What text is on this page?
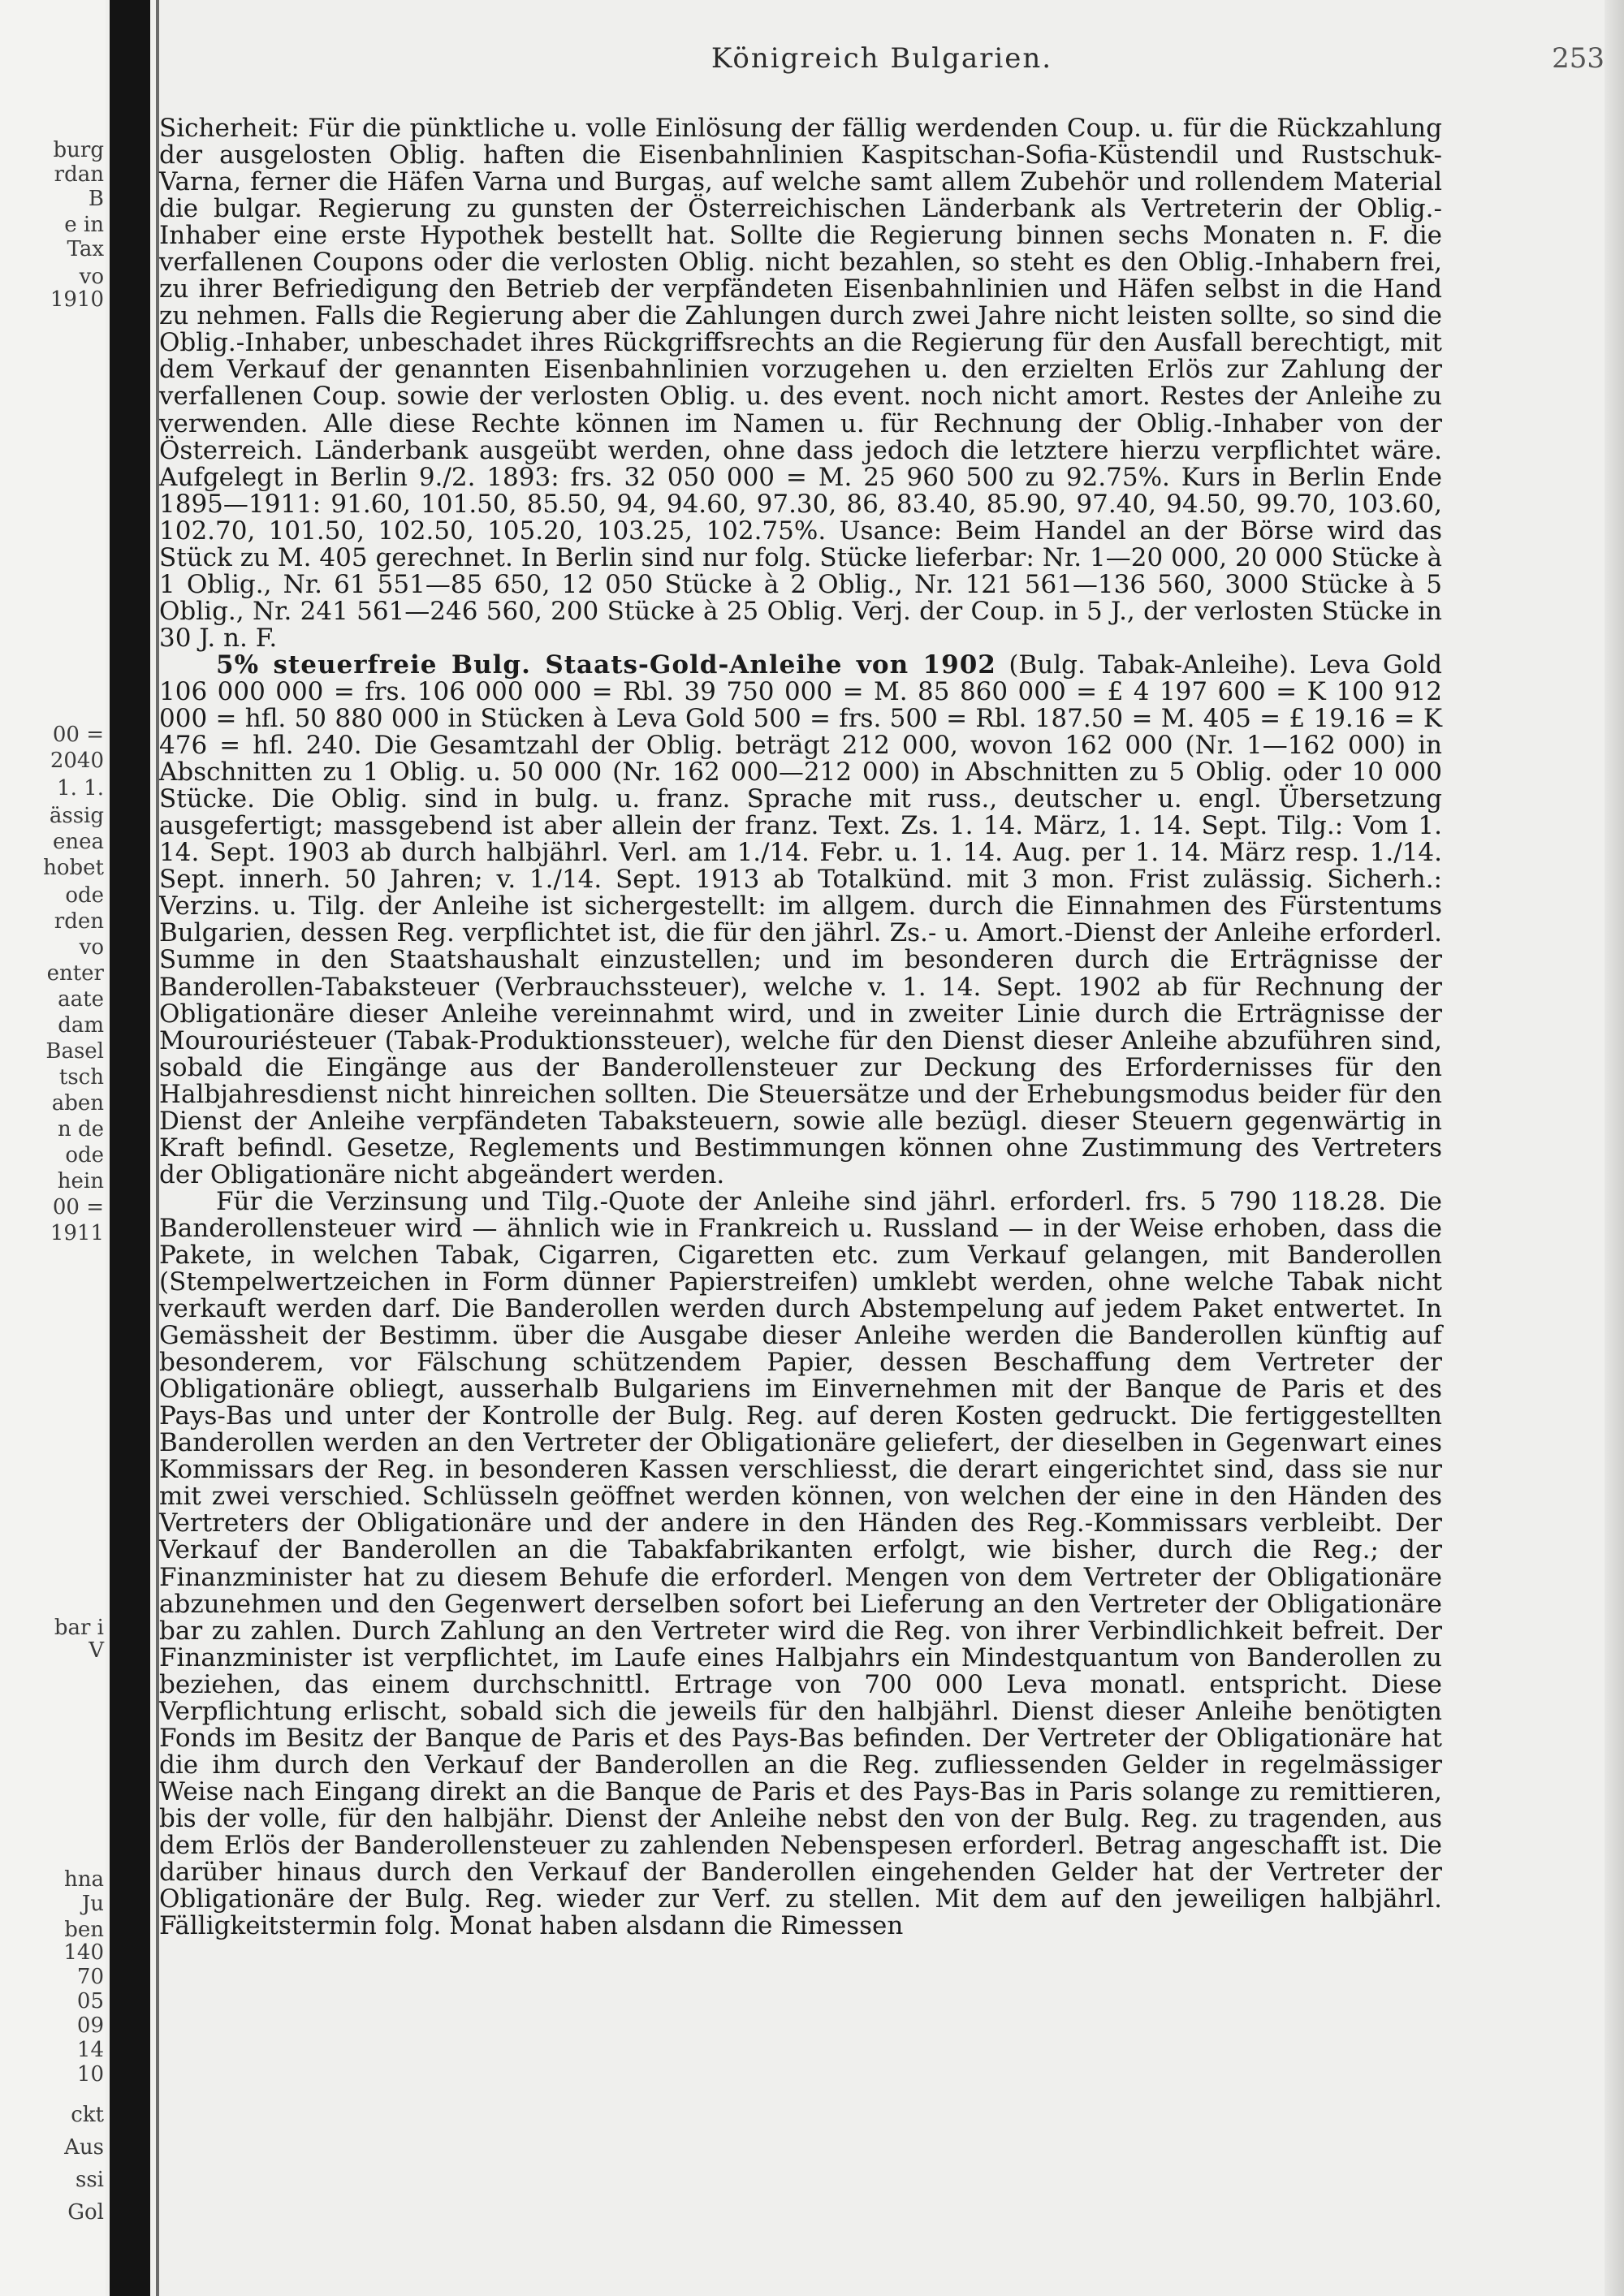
burg
rdan
B
e in
Tax
vo
1910
00 =
2040
1. 1.
ässig
enea
hobet
ode
rden
vo
enter
aate
dam
Basel
tsch
aben
n de
ode
hein
00 =
1911
bar i
V
hna
Ju
ben
140
70
05
09
14
10
ckt
Aus
ssi
Gol
Königreich Bulgarien.	253

Sicherheit: Für die pünktliche u. volle Einlösung der fällig werdenden Coup. u. für die Rückzahlung der ausgelosten Oblig. haften die Eisenbahnlinien Kaspitschan-Sofia-Küstendil und Rustschuk-Varna, ferner die Häfen Varna und Burgas, auf welche samt allem Zubehör und rollendem Material die bulgar. Regierung zu gunsten der Österreichischen Länderbank als Vertreterin der Oblig.-Inhaber eine erste Hypothek bestellt hat. Sollte die Regierung binnen sechs Monaten n. F. die verfallenen Coupons oder die verlosten Oblig. nicht bezahlen, so steht es den Oblig.-Inhabern frei, zu ihrer Befriedigung den Betrieb der verpfändeten Eisenbahnlinien und Häfen selbst in die Hand zu nehmen. Falls die Regierung aber die Zahlungen durch zwei Jahre nicht leisten sollte, so sind die Oblig.-Inhaber, unbeschadet ihres Rückgriffsrechts an die Regierung für den Ausfall berechtigt, mit dem Verkauf der genannten Eisenbahnlinien vorzugehen u. den erzielten Erlös zur Zahlung der verfallenen Coup. sowie der verlosten Oblig. u. des event. noch nicht amort. Restes der Anleihe zu verwenden. Alle diese Rechte können im Namen u. für Rechnung der Oblig.-Inhaber von der Österreich. Länderbank ausgeübt werden, ohne dass jedoch die letztere hierzu verpflichtet wäre. Aufgelegt in Berlin 9./2. 1893: frs. 32 050 000 = M. 25 960 500 zu 92.75%. Kurs in Berlin Ende 1895—1911: 91.60, 101.50, 85.50, 94, 94.60, 97.30, 86, 83.40, 85.90, 97.40, 94.50, 99.70, 103.60, 102.70, 101.50, 102.50, 105.20, 103.25, 102.75%. Usance: Beim Handel an der Börse wird das Stück zu M. 405 gerechnet. In Berlin sind nur folg. Stücke lieferbar: Nr. 1—20 000, 20 000 Stücke à 1 Oblig., Nr. 61 551—85 650, 12 050 Stücke à 2 Oblig., Nr. 121 561—136 560, 3000 Stücke à 5 Oblig., Nr. 241 561—246 560, 200 Stücke à 25 Oblig. Verj. der Coup. in 5 J., der verlosten Stücke in 30 J. n. F.

5% steuerfreie Bulg. Staats-Gold-Anleihe von 1902 (Bulg. Tabak-Anleihe). Leva Gold 106 000 000 = frs. 106 000 000 = Rbl. 39 750 000 = M. 85 860 000 = £ 4 197 600 = K 100 912 000 = hfl. 50 880 000 in Stücken à Leva Gold 500 = frs. 500 = Rbl. 187.50 = M. 405 = £ 19.16 = K 476 = hfl. 240. Die Gesamtzahl der Oblig. beträgt 212 000, wovon 162 000 (Nr. 1—162 000) in Abschnitten zu 1 Oblig. u. 50 000 (Nr. 162 000—212 000) in Abschnitten zu 5 Oblig. oder 10 000 Stücke. Die Oblig. sind in bulg. u. franz. Sprache mit russ., deutscher u. engl. Übersetzung ausgefertigt; massgebend ist aber allein der franz. Text. Zs. 1. 14. März, 1. 14. Sept. Tilg.: Vom 1. 14. Sept. 1903 ab durch halbjährl. Verl. am 1./14. Febr. u. 1. 14. Aug. per 1. 14. März resp. 1./14. Sept. innerh. 50 Jahren; v. 1./14. Sept. 1913 ab Totalkünd. mit 3 mon. Frist zulässig. Sicherh.: Verzins. u. Tilg. der Anleihe ist sichergestellt: im allgem. durch die Einnahmen des Fürstentums Bulgarien, dessen Reg. verpflichtet ist, die für den jährl. Zs.- u. Amort.-Dienst der Anleihe erforderl. Summe in den Staatshaushalt einzustellen; und im besonderen durch die Erträgnisse der Banderollen-Tabaksteuer (Verbrauchssteuer), welche v. 1. 14. Sept. 1902 ab für Rechnung der Obligationäre dieser Anleihe vereinnahmt wird, und in zweiter Linie durch die Erträgnisse der Mourouriésteuer (Tabak-Produktionssteuer), welche für den Dienst dieser Anleihe abzuführen sind, sobald die Eingänge aus der Banderollensteuer zur Deckung des Erfordernisses für den Halbjahresdienst nicht hinreichen sollten. Die Steuersätze und der Erhebungsmodus beider für den Dienst der Anleihe verpfändeten Tabaksteuern, sowie alle bezügl. dieser Steuern gegenwärtig in Kraft befindl. Gesetze, Reglements und Bestimmungen können ohne Zustimmung des Vertreters der Obligationäre nicht abgeändert werden.

Für die Verzinsung und Tilg.-Quote der Anleihe sind jährl. erforderl. frs. 5 790 118.28. Die Banderollensteuer wird — ähnlich wie in Frankreich u. Russland — in der Weise erhoben, dass die Pakete, in welchen Tabak, Cigarren, Cigaretten etc. zum Verkauf gelangen, mit Banderollen (Stempelwertzeichen in Form dünner Papierstreifen) umklebt werden, ohne welche Tabak nicht verkauft werden darf. Die Banderollen werden durch Abstempelung auf jedem Paket entwertet. In Gemässheit der Bestimm. über die Ausgabe dieser Anleihe werden die Banderollen künftig auf besonderem, vor Fälschung schützendem Papier, dessen Beschaffung dem Vertreter der Obligationäre obliegt, ausserhalb Bulgariens im Einvernehmen mit der Banque de Paris et des Pays-Bas und unter der Kontrolle der Bulg. Reg. auf deren Kosten gedruckt. Die fertiggestellten Banderollen werden an den Vertreter der Obligationäre geliefert, der dieselben in Gegenwart eines Kommissars der Reg. in besonderen Kassen verschliesst, die derart eingerichtet sind, dass sie nur mit zwei verschied. Schlüsseln geöffnet werden können, von welchen der eine in den Händen des Vertreters der Obligationäre und der andere in den Händen des Reg.-Kommissars verbleibt. Der Verkauf der Banderollen an die Tabakfabrikanten erfolgt, wie bisher, durch die Reg.; der Finanzminister hat zu diesem Behufe die erforderl. Mengen von dem Vertreter der Obligationäre abzunehmen und den Gegenwert derselben sofort bei Lieferung an den Vertreter der Obligationäre bar zu zahlen. Durch Zahlung an den Vertreter wird die Reg. von ihrer Verbindlichkeit befreit. Der Finanzminister ist verpflichtet, im Laufe eines Halbjahrs ein Mindestquantum von Banderollen zu beziehen, das einem durchschnittl. Ertrage von 700 000 Leva monatl. entspricht. Diese Verpflichtung erlischt, sobald sich die jeweils für den halbjährl. Dienst dieser Anleihe benötigten Fonds im Besitz der Banque de Paris et des Pays-Bas befinden. Der Vertreter der Obligationäre hat die ihm durch den Verkauf der Banderollen an die Reg. zufliessenden Gelder in regelmässiger Weise nach Eingang direkt an die Banque de Paris et des Pays-Bas in Paris solange zu remittieren, bis der volle, für den halbjähr. Dienst der Anleihe nebst den von der Bulg. Reg. zu tragenden, aus dem Erlös der Banderollensteuer zu zahlenden Nebenspesen erforderl. Betrag angeschafft ist. Die darüber hinaus durch den Verkauf der Banderollen eingehenden Gelder hat der Vertreter der Obligationäre der Bulg. Reg. wieder zur Verf. zu stellen. Mit dem auf den jeweiligen halbjährl. Fälligkeitstermin folg. Monat haben alsdann die Rimessen
